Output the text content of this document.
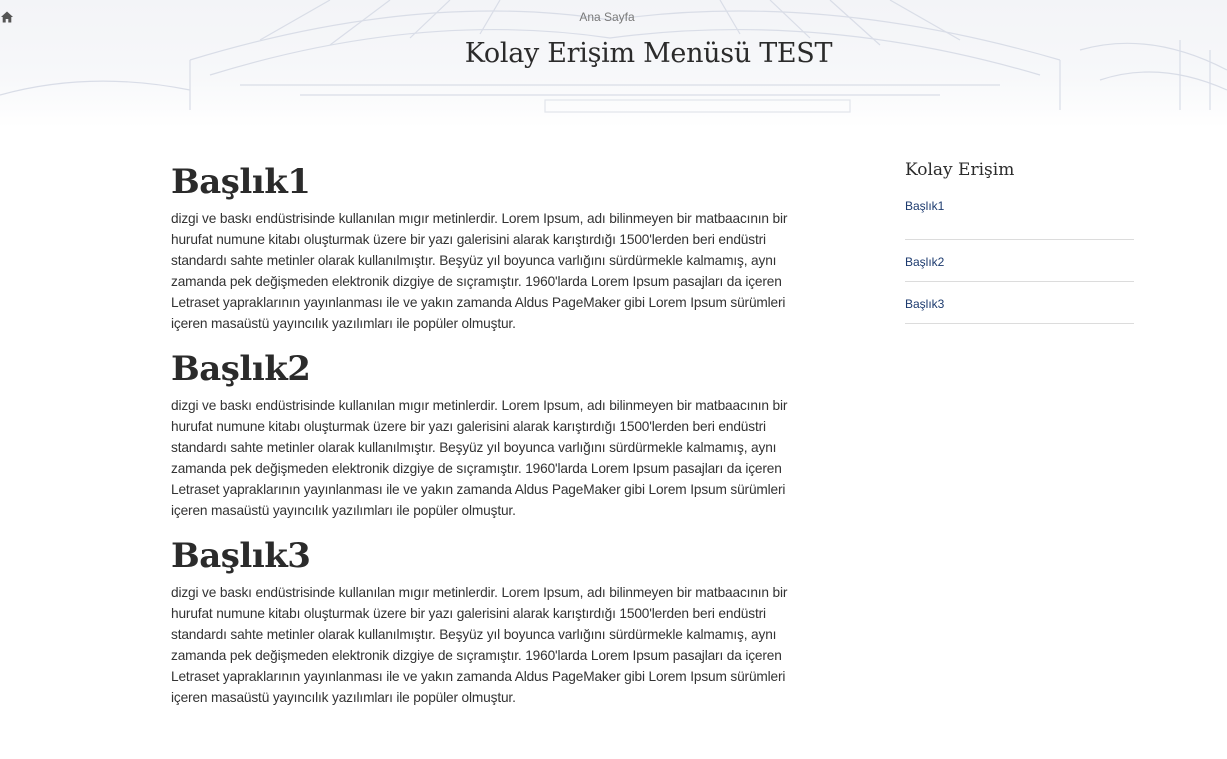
Ana Sayfa
Kolay Erişim Menüsü TEST
Başlık1

dizgi ve baskı endüstrisinde kullanılan mıgır metinlerdir. Lorem Ipsum, adı bilinmeyen bir matbaacının bir hurufat numune kitabı oluşturmak üzere bir yazı galerisini alarak karıştırdığı 1500'lerden beri endüstri standardı sahte metinler olarak kullanılmıştır. Beşyüz yıl boyunca varlığını sürdürmekle kalmamış, aynı zamanda pek değişmeden elektronik dizgiye de sıçramıştır. 1960'larda Lorem Ipsum pasajları da içeren Letraset yapraklarının yayınlanması ile ve yakın zamanda Aldus PageMaker gibi Lorem Ipsum sürümleri içeren masaüstü yayıncılık yazılımları ile popüler olmuştur.

Başlık2

dizgi ve baskı endüstrisinde kullanılan mıgır metinlerdir. Lorem Ipsum, adı bilinmeyen bir matbaacının bir hurufat numune kitabı oluşturmak üzere bir yazı galerisini alarak karıştırdığı 1500'lerden beri endüstri standardı sahte metinler olarak kullanılmıştır. Beşyüz yıl boyunca varlığını sürdürmekle kalmamış, aynı zamanda pek değişmeden elektronik dizgiye de sıçramıştır. 1960'larda Lorem Ipsum pasajları da içeren Letraset yapraklarının yayınlanması ile ve yakın zamanda Aldus PageMaker gibi Lorem Ipsum sürümleri içeren masaüstü yayıncılık yazılımları ile popüler olmuştur.

Başlık3

dizgi ve baskı endüstrisinde kullanılan mıgır metinlerdir. Lorem Ipsum, adı bilinmeyen bir matbaacının bir hurufat numune kitabı oluşturmak üzere bir yazı galerisini alarak karıştırdığı 1500'lerden beri endüstri standardı sahte metinler olarak kullanılmıştır. Beşyüz yıl boyunca varlığını sürdürmekle kalmamış, aynı zamanda pek değişmeden elektronik dizgiye de sıçramıştır. 1960'larda Lorem Ipsum pasajları da içeren Letraset yapraklarının yayınlanması ile ve yakın zamanda Aldus PageMaker gibi Lorem Ipsum sürümleri içeren masaüstü yayıncılık yazılımları ile popüler olmuştur.

Kolay Erişim
Başlık1
Başlık2
Başlık3
